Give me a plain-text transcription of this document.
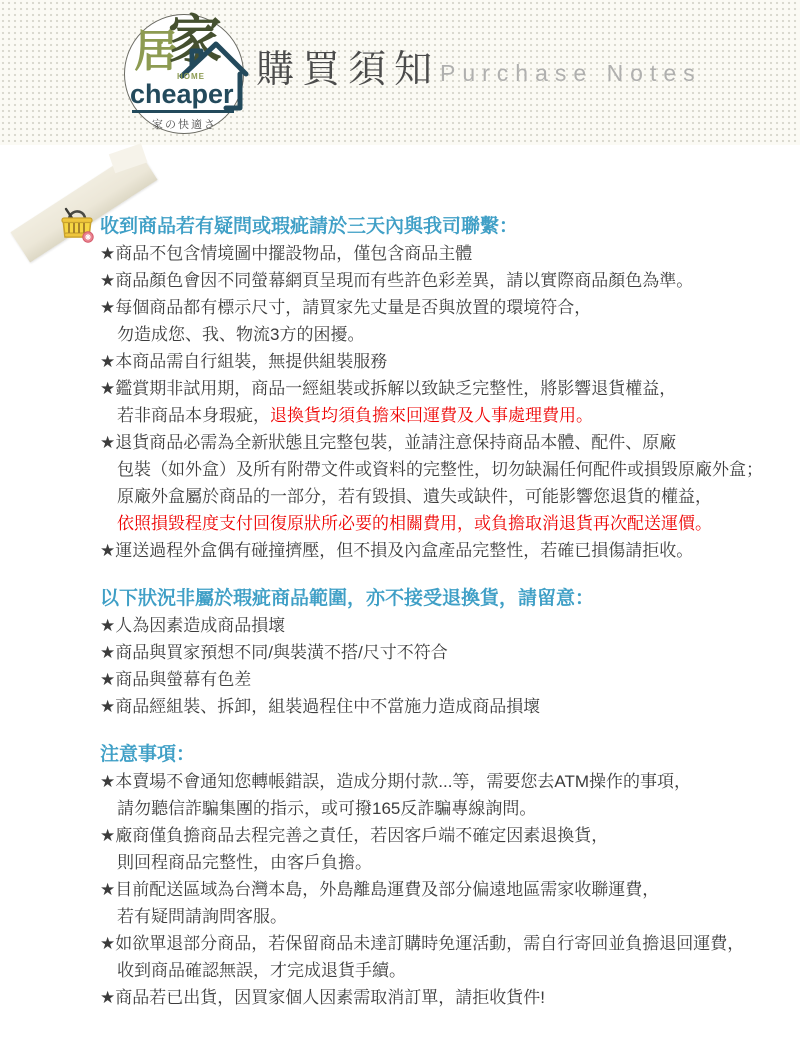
居
家
HOME
cheaper
家の快適さ
購買須知 Purchase Notes
收到商品若有疑問或瑕疵請於三天內與我司聯繫：
★商品不包含情境圖中擺設物品，僅包含商品主體
★商品顏色會因不同螢幕網頁呈現而有些許色彩差異，請以實際商品顏色為準。
★每個商品都有標示尺寸，請買家先丈量是否與放置的環境符合，
勿造成您、我、物流3方的困擾。
★本商品需自行組裝，無提供組裝服務
★鑑賞期非試用期，商品一經組裝或拆解以致缺乏完整性，將影響退貨權益，
若非商品本身瑕疵，退換貨均須負擔來回運費及人事處理費用。
★退貨商品必需為全新狀態且完整包裝，並請注意保持商品本體、配件、原廠
包裝（如外盒）及所有附帶文件或資料的完整性，切勿缺漏任何配件或損毀原廠外盒；
原廠外盒屬於商品的一部分，若有毀損、遺失或缺件，可能影響您退貨的權益，
依照損毀程度支付回復原狀所必要的相關費用，或負擔取消退貨再次配送運價。
★運送過程外盒偶有碰撞擠壓，但不損及內盒產品完整性，若確已損傷請拒收。
以下狀況非屬於瑕疵商品範圍，亦不接受退換貨，請留意：
★人為因素造成商品損壞
★商品與買家預想不同/與裝潢不搭/尺寸不符合
★商品與螢幕有色差
★商品經組裝、拆卸，組裝過程住中不當施力造成商品損壞
注意事項：
★本賣場不會通知您轉帳錯誤，造成分期付款...等，需要您去ATM操作的事項，
請勿聽信詐騙集團的指示，或可撥165反詐騙專線詢問。
★廠商僅負擔商品去程完善之責任，若因客戶端不確定因素退換貨，
則回程商品完整性，由客戶負擔。
★目前配送區域為台灣本島，外島離島運費及部分偏遠地區需家收聯運費，
若有疑問請詢問客服。
★如欲單退部分商品，若保留商品未達訂購時免運活動，需自行寄回並負擔退回運費，
收到商品確認無誤，才完成退貨手續。
★商品若已出貨，因買家個人因素需取消訂單，請拒收貨件!
